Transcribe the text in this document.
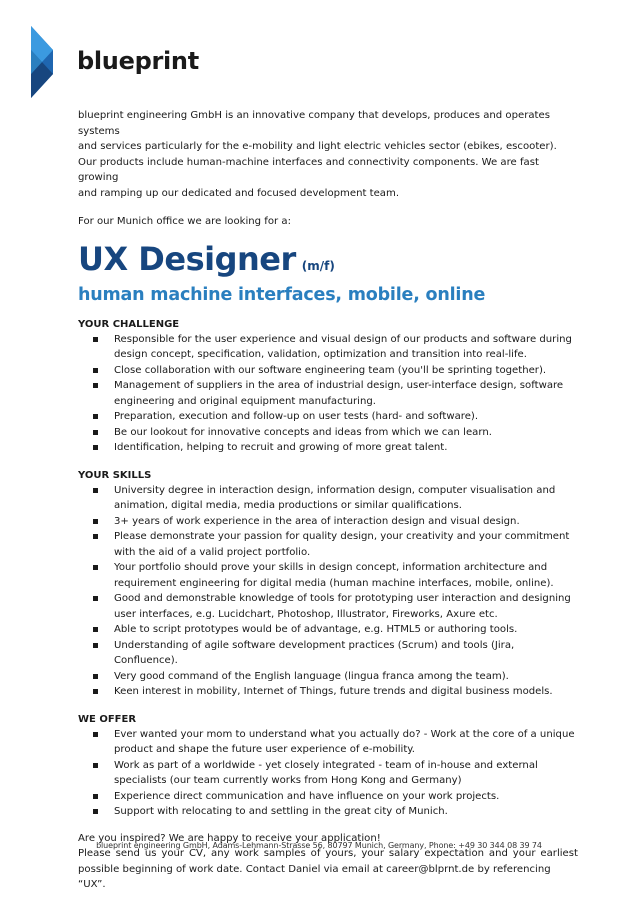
blueprint

blueprint engineering GmbH is an innovative company that develops, produces and operates systems

and services particularly for the e-mobility and light electric vehicles sector (ebikes, escooter).

Our products include human-machine interfaces and connectivity components. We are fast growing

and ramping up our dedicated and focused development team.

For our Munich office we are looking for a:

UX Designer (m/f)
human machine interfaces, mobile, online
YOUR CHALLENGE
Responsible for the user experience and visual design of our products and software during
design concept, specification, validation, optimization and transition into real-life.
Close collaboration with our software engineering team (you'll be sprinting together).
Management of suppliers in the area of industrial design, user-interface design, software
engineering and original equipment manufacturing.
Preparation, execution and follow-up on user tests (hard- and software).
Be our lookout for innovative concepts and ideas from which we can learn.
Identification, helping to recruit and growing of more great talent.
YOUR SKILLS
University degree in interaction design, information design, computer visualisation and
animation, digital media, media productions or similar qualifications.
3+ years of work experience in the area of interaction design and visual design.
Please demonstrate your passion for quality design, your creativity and your commitment
with the aid of a valid project portfolio.
Your portfolio should prove your skills in design concept, information architecture and
requirement engineering for digital media (human machine interfaces, mobile, online).
Good and demonstrable knowledge of tools for prototyping user interaction and designing
user interfaces, e.g. Lucidchart, Photoshop, Illustrator, Fireworks, Axure etc.
Able to script prototypes would be of advantage, e.g. HTML5 or authoring tools.
Understanding of agile software development practices (Scrum) and tools (Jira, Confluence).
Very good command of the English language (lingua franca among the team).
Keen interest in mobility, Internet of Things, future trends and digital business models.
WE OFFER
Ever wanted your mom to understand what you actually do? - Work at the core of a unique
product and shape the future user experience of e-mobility.
Work as part of a worldwide - yet closely integrated - team of in-house and external
specialists (our team currently works from Hong Kong and Germany)
Experience direct communication and have influence on your work projects.
Support with relocating to and settling in the great city of Munich.

Are you inspired? We are happy to receive your application!

Please send us your CV, any work samples of yours, your salary expectation and your earliest

possible beginning of work date. Contact Daniel via email at career@blprnt.de by referencing “UX”.

blueprint engineering GmbH, Adams-Lehmann-Strasse 56, 80797 Munich, Germany, Phone: +49 30 344 08 39 74
